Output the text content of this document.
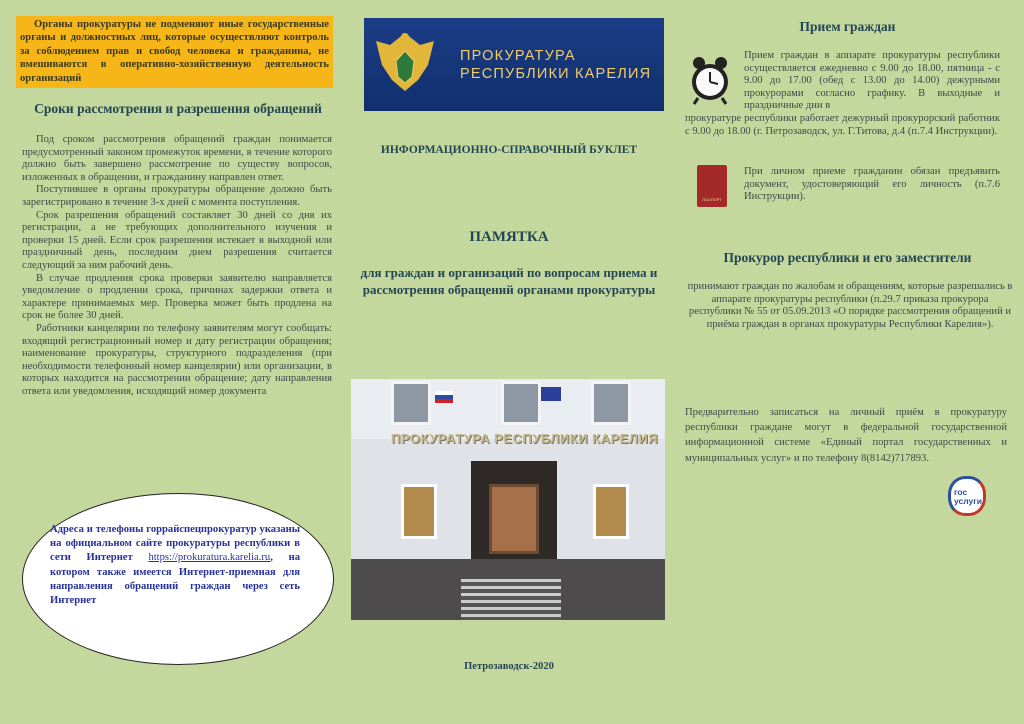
Органы прокуратуры не подменяют иные государственные органы и должностных лиц, которые осуществляют контроль за соблюдением прав и свобод человека и гражданина, не вмешиваются в оперативно-хозяйственную деятельность организаций
Сроки рассмотрения и разрешения обращений

Под сроком рассмотрения обращений граждан понимается предусмотренный законом промежуток времени, в течение которого должно быть завершено рассмотрение по существу вопросов, изложенных в обращении, и гражданину направлен ответ.

Поступившее в органы прокуратуры обращение должно быть зарегистрировано в течение 3-х дней с момента поступления.

Срок разрешения обращений составляет 30 дней со дня их регистрации, а не требующих дополнительного изучения и проверки 15 дней. Если срок разрешения истекает в выходной или праздничный день, последним днем разрешения считается следующий за ним рабочий день.

В случае продления срока проверки заявителю направляется уведомление о продлении срока, причинах задержки ответа и характере принимаемых мер. Проверка может быть продлена на срок не более 30 дней.

Работники канцелярии по телефону заявителям могут сообщать: входящий регистрационный номер и дату регистрации обращения; наименование прокуратуры, структурного подразделения (при необходимости телефонный номер канцелярии) или организации, в которых находится на рассмотрении обращение; дату направления ответа или уведомления, исходящий номер документа

Адреса и телефоны горрайспецпрокуратур указаны на официальном сайте прокуратуры республики в сети Интернет https://prokuratura.karelia.ru, на котором также имеется Интернет-приемная для направления обращений граждан через сеть Интернет
ПРОКУРАТУРА
РЕСПУБЛИКИ КАРЕЛИЯ
ИНФОРМАЦИОННО-СПРАВОЧНЫЙ БУКЛЕТ
ПАМЯТКА
для граждан и организаций по вопросам приема и рассмотрения обращений органами прокуратуры
ПРОКУРАТУРА РЕСПУБЛИКИ КАРЕЛИЯ
Петрозаводск-2020
Прием граждан
Прием граждан в аппарате прокуратуры республики осуществляется ежедневно с 9.00 до 18.00, пятница - с 9.00 до 17.00 (обед с 13.00 до 14.00) дежурными прокурорами согласно графику. В выходные и праздничные дни в
прокуратуре республики работает дежурный прокурорский работник с 9.00 до 18.00 (г. Петрозаводск, ул. Г.Титова, д.4 (п.7.4 Инструкции).
ПАСПОРТ
При личном приеме гражданин обязан предъявить документ, удостоверяющий его личность (п.7.6 Инструкции).
Прокурор республики и его заместители
принимают граждан по жалобам и обращениям, которые разрешались в аппарате прокуратуры республики (п.29.7 приказа прокурора республики № 55 от 05.09.2013 «О порядке рассмотрения обращений и приёма граждан в органах прокуратуры Республики Карелия»).
Предварительно записаться на личный приём в прокуратуру республики граждане могут в федеральной государственной информационной системе «Единый портал государственных и муниципальных услуг» и по телефону 8(8142)717893.
гос
услуги
